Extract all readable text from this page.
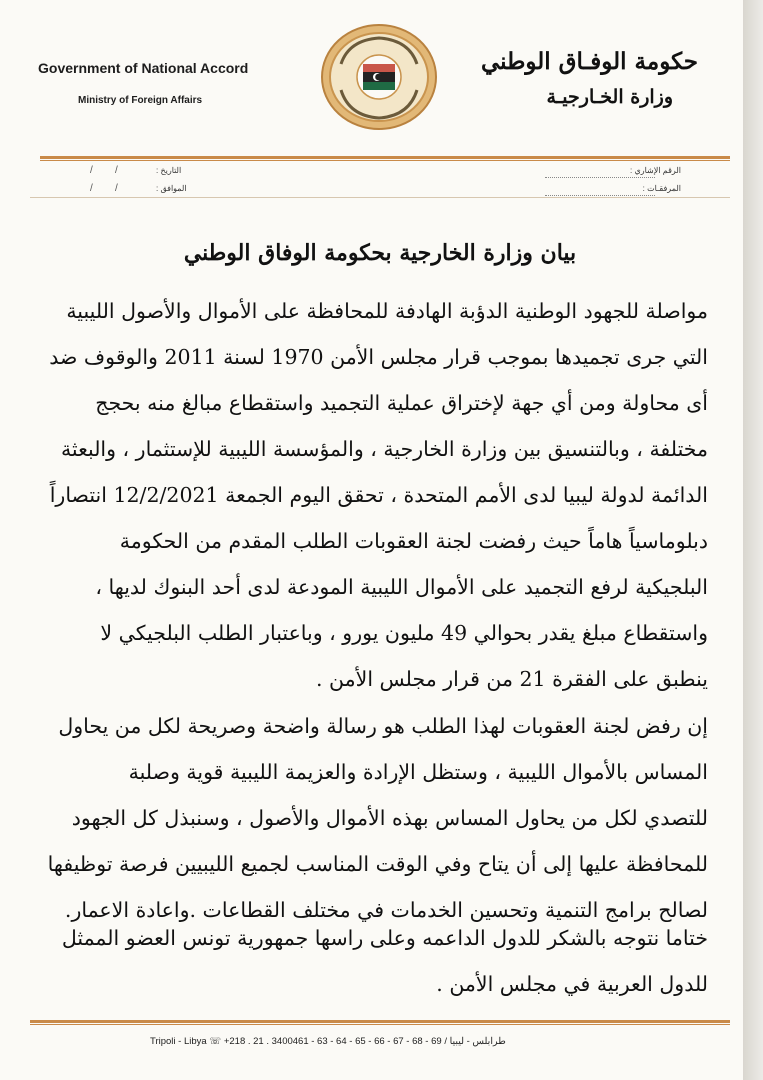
Government of National Accord
Ministry of Foreign Affairs
حكومة الوفـاق الوطني
وزارة الخـارجيـة
الرقم الإشاري :
المرفقـات :
التاريخ :
الموافق :
/        /
/        /
بيان وزارة الخارجية بحكومة الوفاق الوطني
مواصلة للجهود الوطنية الدؤبة الهادفة للمحافظة على الأموال والأصول الليبية
التي جرى تجميدها بموجب قرار مجلس الأمن 1970 لسنة 2011 والوقوف ضد
أى محاولة ومن أي جهة لإختراق عملية التجميد واستقطاع مبالغ منه بحجج
مختلفة ، وبالتنسيق بين وزارة الخارجية ، والمؤسسة الليبية للإستثمار ، والبعثة
الدائمة لدولة ليبيا لدى الأمم المتحدة ، تحقق اليوم الجمعة 12/2/2021 انتصاراً
دبلوماسياً هاماً حيث رفضت لجنة العقوبات الطلب المقدم من الحكومة
البلجيكية لرفع التجميد على الأموال الليبية المودعة لدى أحد البنوك لديها ،
واستقطاع مبلغ يقدر بحوالي 49 مليون يورو ، وباعتبار الطلب البلجيكي لا
ينطبق على الفقرة 21 من قرار مجلس الأمن .
إن رفض لجنة العقوبات لهذا الطلب هو رسالة واضحة وصريحة لكل من يحاول
المساس بالأموال الليبية ، وستظل الإرادة والعزيمة الليبية قوية وصلبة
للتصدي لكل من يحاول المساس بهذه الأموال والأصول ، وسنبذل كل الجهود
للمحافظة عليها إلى أن يتاح وفي الوقت المناسب لجميع الليبيين فرصة توظيفها
لصالح برامج التنمية وتحسين الخدمات في مختلف القطاعات .واعادة الاعمار.
ختاما نتوجه بالشكر للدول الداعمه وعلى راسها جمهورية تونس العضو الممثل
للدول العربية في مجلس الأمن .
Tripoli - Libya ☏ +218 . 21 . 3400461 - 63 - 64 - 65 - 66 - 67 - 68 - 69 / طرابلس - ليبيا
